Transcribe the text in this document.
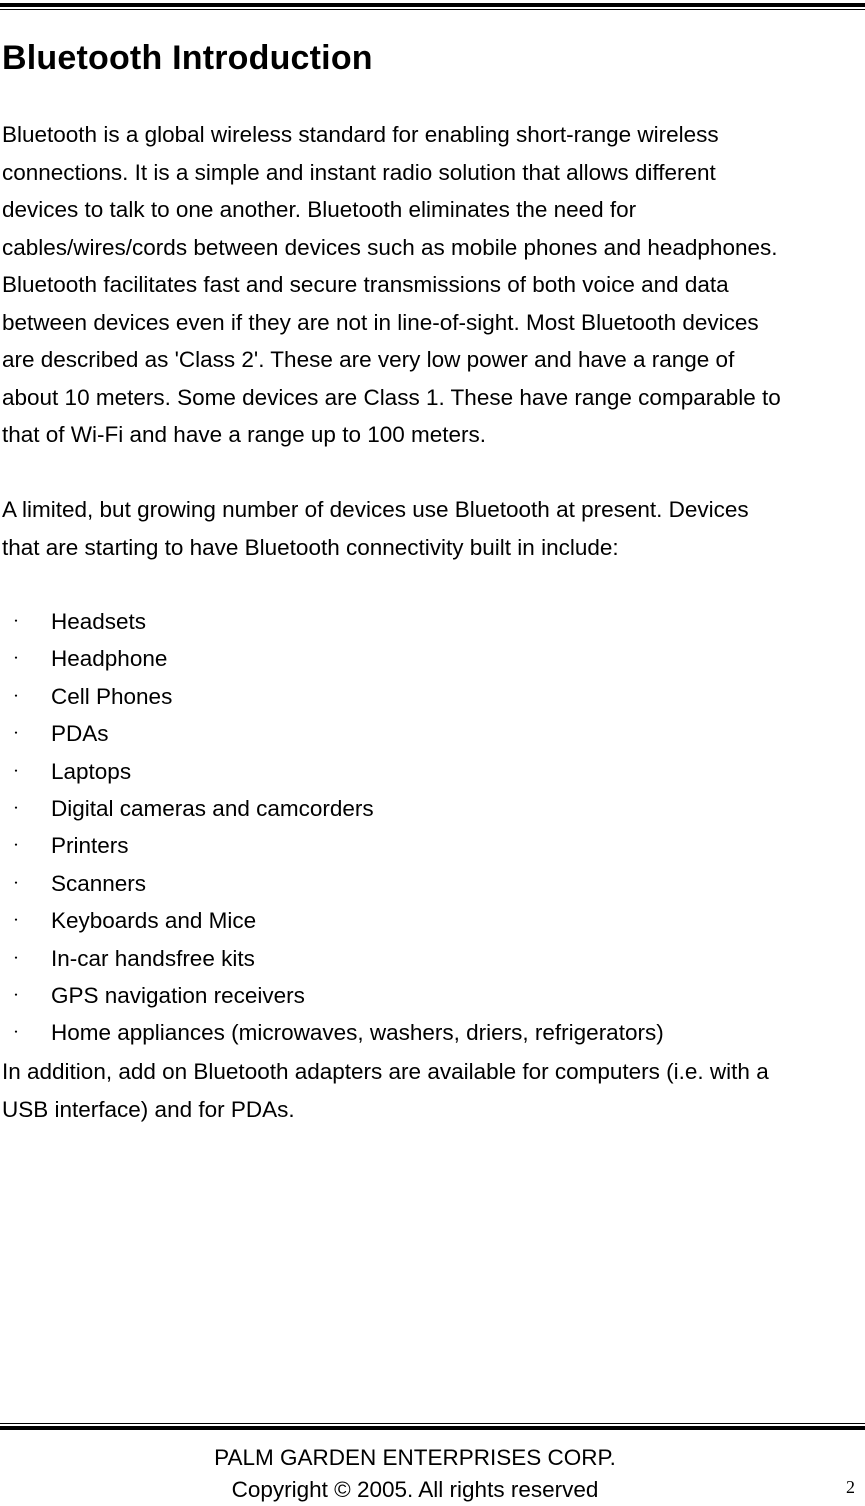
Bluetooth Introduction

Bluetooth is a global wireless standard for enabling short-range wireless
connections. It is a simple and instant radio solution that allows different
devices to talk to one another. Bluetooth eliminates the need for
cables/wires/cords between devices such as mobile phones and headphones.
Bluetooth facilitates fast and secure transmissions of both voice and data
between devices even if they are not in line-of-sight. Most Bluetooth devices
are described as 'Class 2'. These are very low power and have a range of
about 10 meters. Some devices are Class 1. These have range comparable to
that of Wi-Fi and have a range up to 100 meters.

A limited, but growing number of devices use Bluetooth at present. Devices
that are starting to have Bluetooth connectivity built in include:

・ Headsets
・ Headphone
・ Cell Phones
・ PDAs
・ Laptops
・ Digital cameras and camcorders
・ Printers
・ Scanners
・ Keyboards and Mice
・ In-car handsfree kits
・ GPS navigation receivers
・ Home appliances (microwaves, washers, driers, refrigerators)

In addition, add on Bluetooth adapters are available for computers (i.e. with a
USB interface) and for PDAs.

PALM GARDEN ENTERPRISES CORP.
Copyright © 2005. All rights reserved	2
